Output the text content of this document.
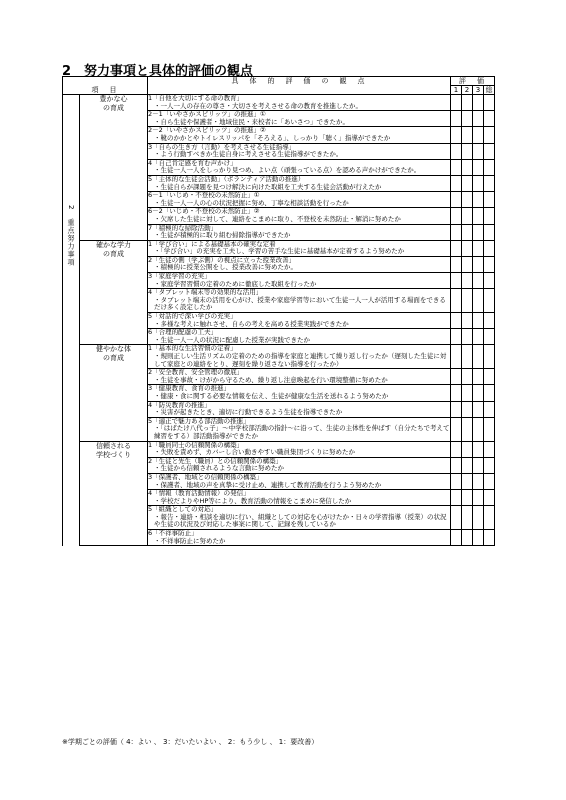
2　努力事項と具体的評価の観点
項　目		具　体　的　評　価　の　観　点	評　価			
			1	2	3	総
2　重点努力事項	豊かな心
の育成	1「自他を大切にする命の教育」
・一人一人の存在の尊さ・大切さを考えさせる命の教育を推進したか。				

		2－1「いやさかスピリッツ」の推進」①
・自ら生徒や保護者・地域住民・来校者に「あいさつ」できたか。				

		2－2「いやさかスピリッツ」の推進」②
・靴のかかとやトイレスリッパを「そろえる」、しっかり「聴く」指導ができたか				

		3「自らの生き方（言動）を考えさせる生徒指導」
・よう行動すべきか生徒自身に考えさせる生徒指導ができたか。				

		4「自己肯定感を育む声かけ」
・生徒一人一人をしっかり見つめ、よい点（頑張っている点）を認める声かけができたか。				

		5「主体的な生徒会活動」（ボランティア活動の推進）
・生徒自らが課題を見つけ解決に向けた取組を工夫する生徒会活動が行えたか				

		6－1「いじめ・不登校の未然防止」①
・生徒一人一人の心の状況把握に努め、丁寧な相談活動を行ったか				

		6－2「いじめ・不登校の未然防止」②
・欠席した生徒に対して、連絡をこまめに取り、不登校を未然防止・解消に努めたか				

		7「積極的な掃除活動」
・生徒が積極的に取り組む掃除指導ができたか				

	確かな学力
の育成	1「学び合い」による基礎基本の確実な定着
・「学び合い」の充実を工夫し、学習の苦手な生徒に基礎基本が定着するよう努めたか				

		2「生徒の側（学ぶ側）の視点に立った授業改善」
・積極的に授業公開をし、授業改善に努めたか。				

		3「家庭学習の充実」
・家庭学習習慣の定着のために徹底した取組を行ったか				

		4「タブレット端末等の効果的な活用」
・タブレット端末の活用を心がけ、授業や家庭学習等において生徒一人一人が活用する場面をできるだけ多く設定したか				

		5「対話的で深い学びの充実」
・多様な考えに触れさせ、自らの考えを高める授業実践ができたか				

		6「合理的配慮の工夫」
・生徒一人一人の状況に配慮した授業が実践できたか				

	健やかな体
の育成	1「基本的な生活習慣の定着」
・規則正しい生活リズムの定着のための指導を家庭と連携して繰り返し行ったか（遅刻した生徒に対して家庭との連絡をとり、遅刻を繰り返さない指導を行ったか）				

		2「安全教育、安全管理の徹底」
・生徒を事故・けがから守るため、繰り返し注意喚起を行い環境整備に努めたか				

		3「健康教育、食育の推進」
・健康・食に関する必要な情報を伝え、生徒が健康な生活を送れるよう努めたか				

		4「防災教育の推進」
・災害が起きたとき、適切に行動できるよう生徒を指導できたか				

		5「適正で魅力ある部活動の推進」
・「はばたけ八代っ子」～中学校部活動の指針～に沿って、生徒の主体性を伸ばす（自分たちで考えて練習をする）部活動指導ができたか				

	信頼される
学校づくり	1「職員同士の信頼関係の構築」
・失敗を責めず、カバーし合い動きやすい職員集団づくりに努めたか				

		2「生徒と先生（職員）との信頼関係の構築」
・生徒から信頼されるような言動に努めたか				

		3「保護者、地域との信頼関係の構築」
・保護者、地域の声を真摯に受け止め、連携して教育活動を行うよう努めたか				

		4「情報（教育活動情報）の発信」
・学校だよりやHP等により、教育活動の情報をこまめに発信したか				

		5「組織としての対応」
・報告・連絡・相談を適切に行い、組織としての対応を心がけたか・日々の学習指導（授業）の状況や生徒の状況及び対応した事案に関して、記録を残しているか				

		6「不祥事防止」
・不祥事防止に努めたか				

※学期ごとの評価（ 4：よい 、 3：だいたいよい 、 2：もう少し 、 1：要改善）
